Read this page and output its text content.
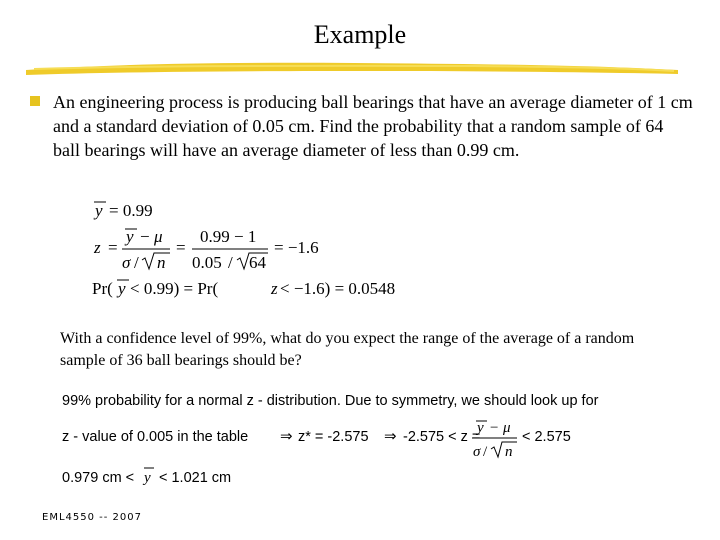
Example
An engineering process is producing ball bearings that have an average diameter of 1 cm and a standard deviation of 0.05 cm. Find the probability that a random sample of 64 ball bearings will have an average diameter of less than 0.99 cm.
y = 0.99
z =
y − μ
σ / n
=
0.99 − 1
0.05 / 64
= −1.6
Pr( y < 0.99) = Pr(	z < −1.6) = 0.0548
With a confidence level of 99%, what do you expect the range of the average of a random sample of 36 ball bearings should be?
99% probability for a normal z - distribution. Due to symmetry, we should look up for
z - value of 0.005 in the table ⇒ z* = -2.575 ⇒ -2.575 < z =
y − μ
σ / n
< 2.575
0.979 cm < y < 1.021 cm
EML4550 -- 2007
